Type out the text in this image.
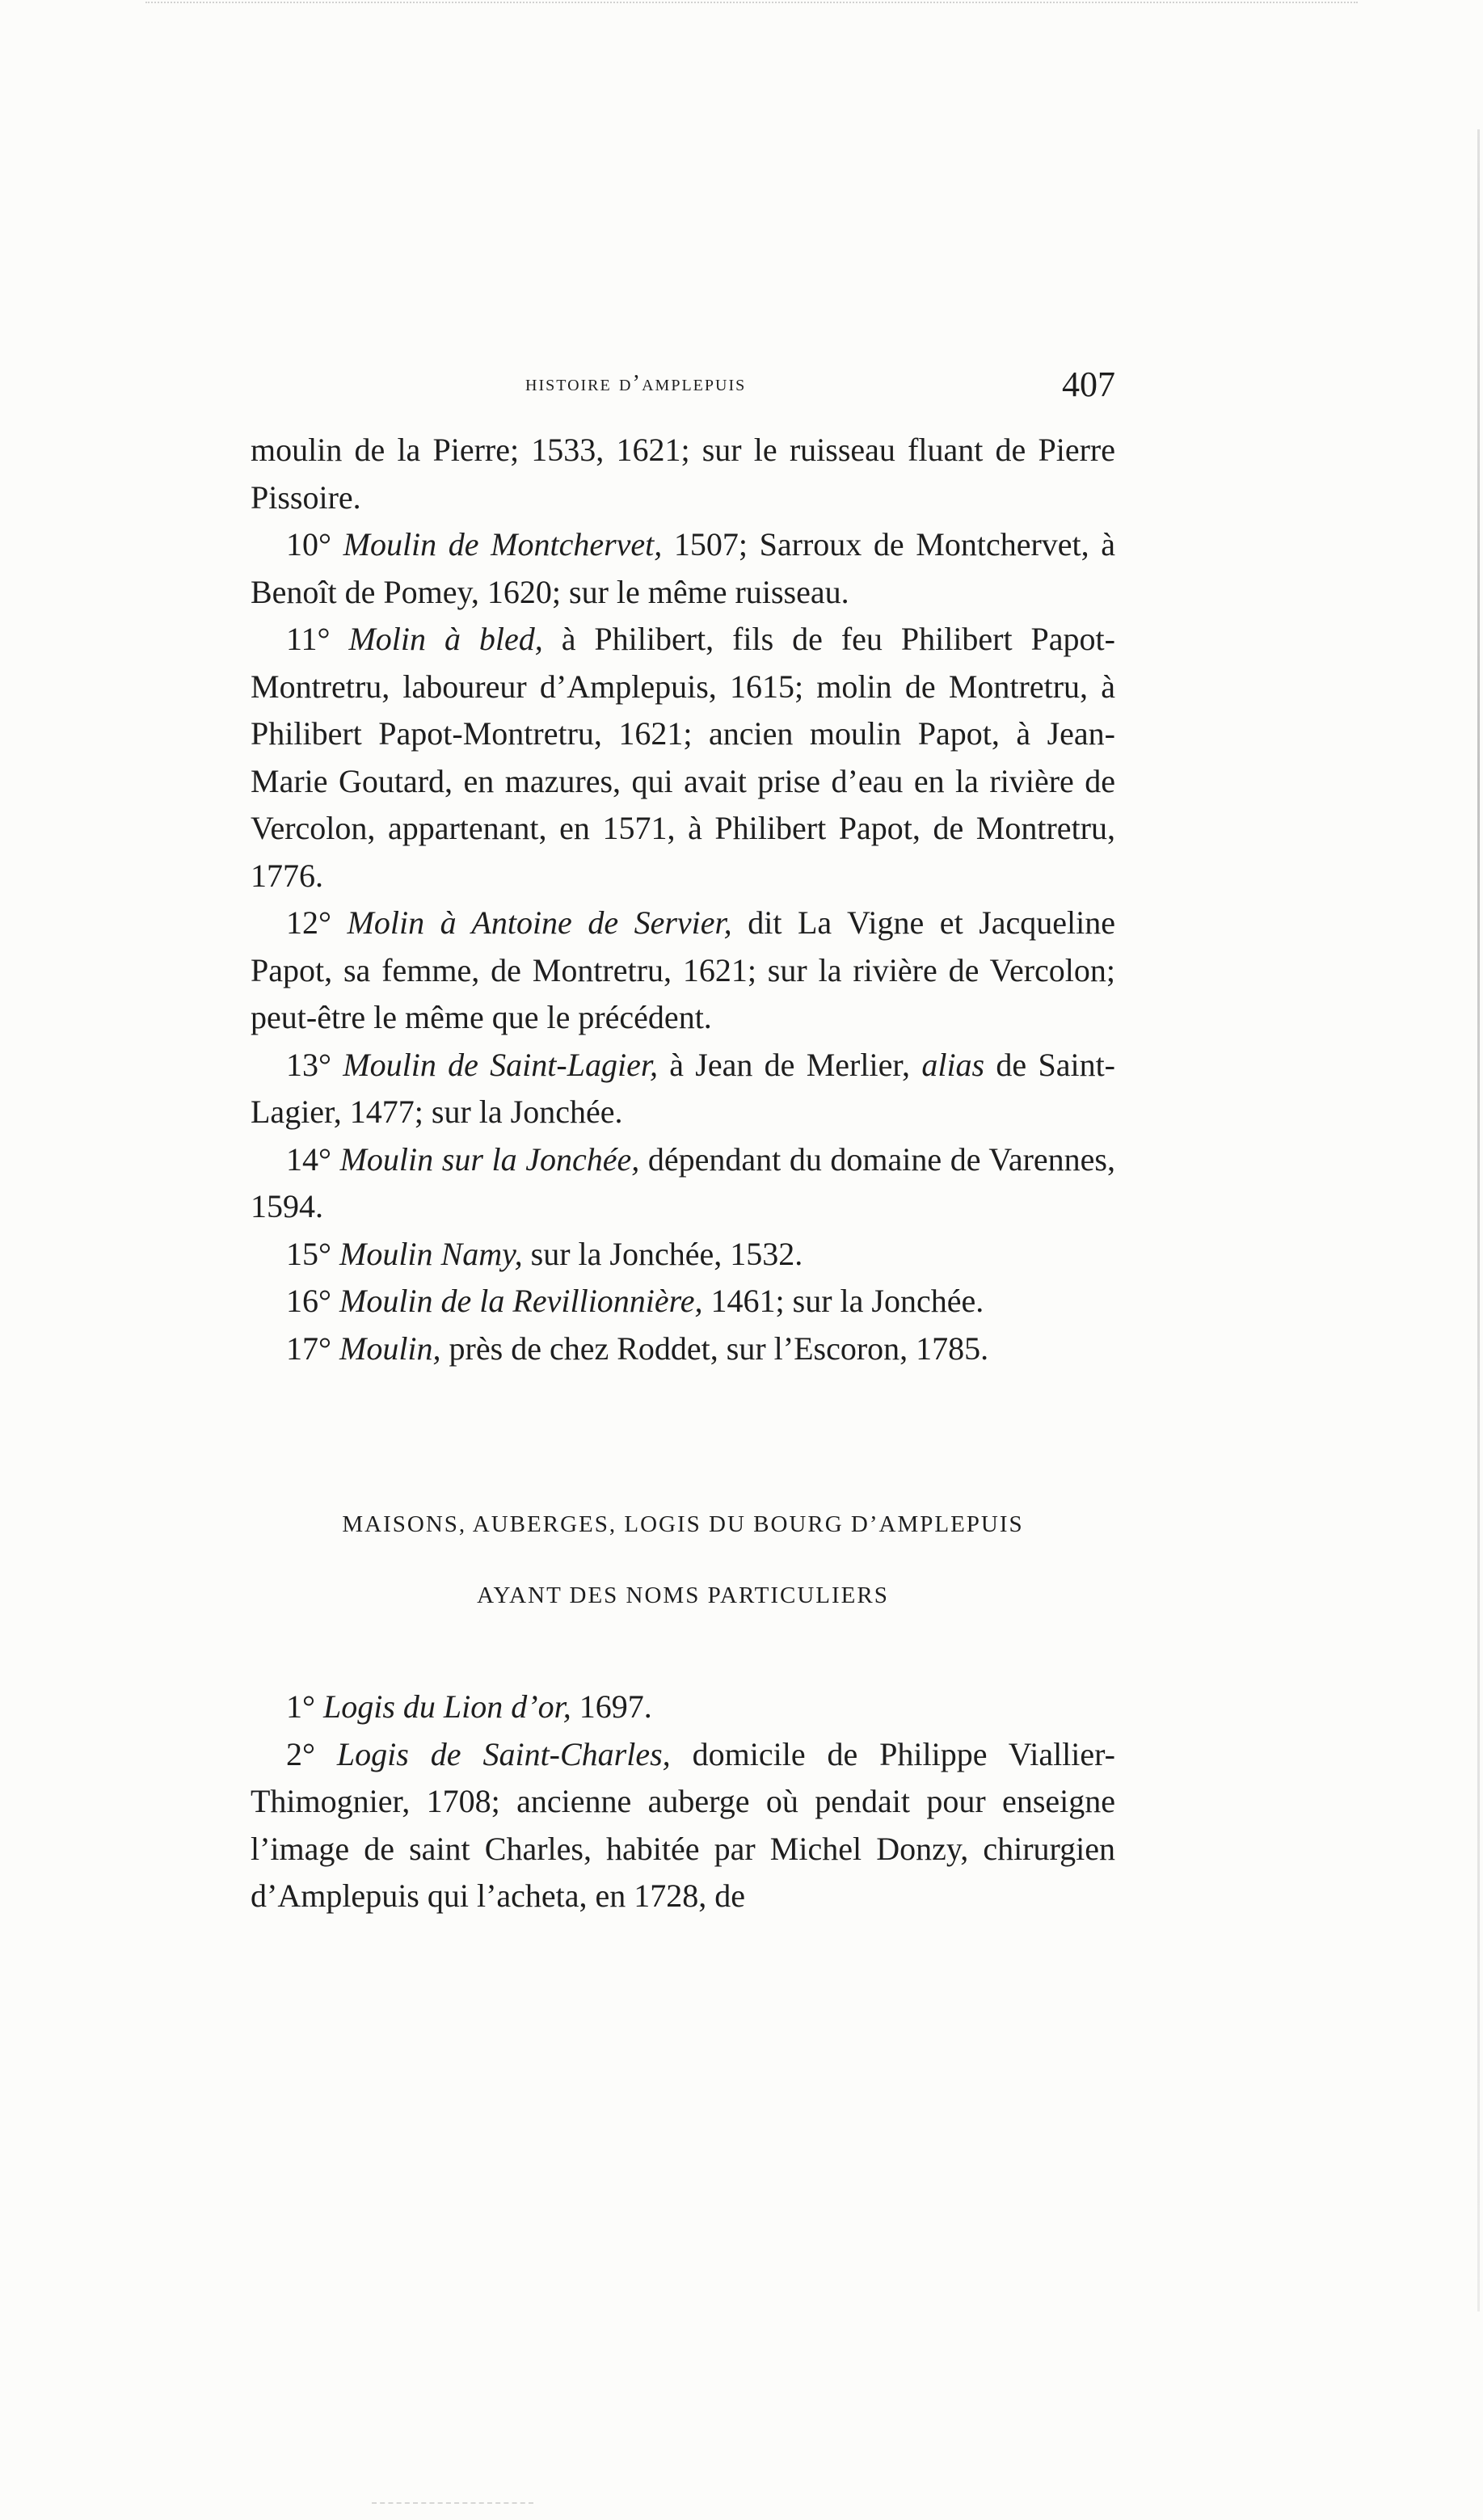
histoire d’amplepuis	407

moulin de la Pierre; 1533, 1621; sur le ruisseau fluant de Pierre Pissoire.

10° Moulin de Montchervet, 1507; Sarroux de Montchervet, à Benoît de Pomey, 1620; sur le même ruisseau.

11° Molin à bled, à Philibert, fils de feu Philibert Papot-Montretru, laboureur d’Amplepuis, 1615; molin de Montretru, à Philibert Papot-Montretru, 1621; ancien moulin Papot, à Jean-Marie Goutard, en mazures, qui avait prise d’eau en la rivière de Vercolon, appartenant, en 1571, à Philibert Papot, de Montretru, 1776.

12° Molin à Antoine de Servier, dit La Vigne et Jacqueline Papot, sa femme, de Montretru, 1621; sur la rivière de Vercolon; peut-être le même que le précédent.

13° Moulin de Saint-Lagier, à Jean de Merlier, alias de Saint-Lagier, 1477; sur la Jonchée.

14° Moulin sur la Jonchée, dépendant du domaine de Varennes, 1594.

15° Moulin Namy, sur la Jonchée, 1532.

16° Moulin de la Revillionnière, 1461; sur la Jonchée.

17° Moulin, près de chez Roddet, sur l’Escoron, 1785.

MAISONS, AUBERGES, LOGIS DU BOURG D’AMPLEPUIS
AYANT DES NOMS PARTICULIERS

1° Logis du Lion d’or, 1697.

2° Logis de Saint-Charles, domicile de Philippe Viallier-Thimognier, 1708; ancienne auberge où pendait pour enseigne l’image de saint Charles, habitée par Michel Donzy, chirurgien d’Amplepuis qui l’acheta, en 1728, de
